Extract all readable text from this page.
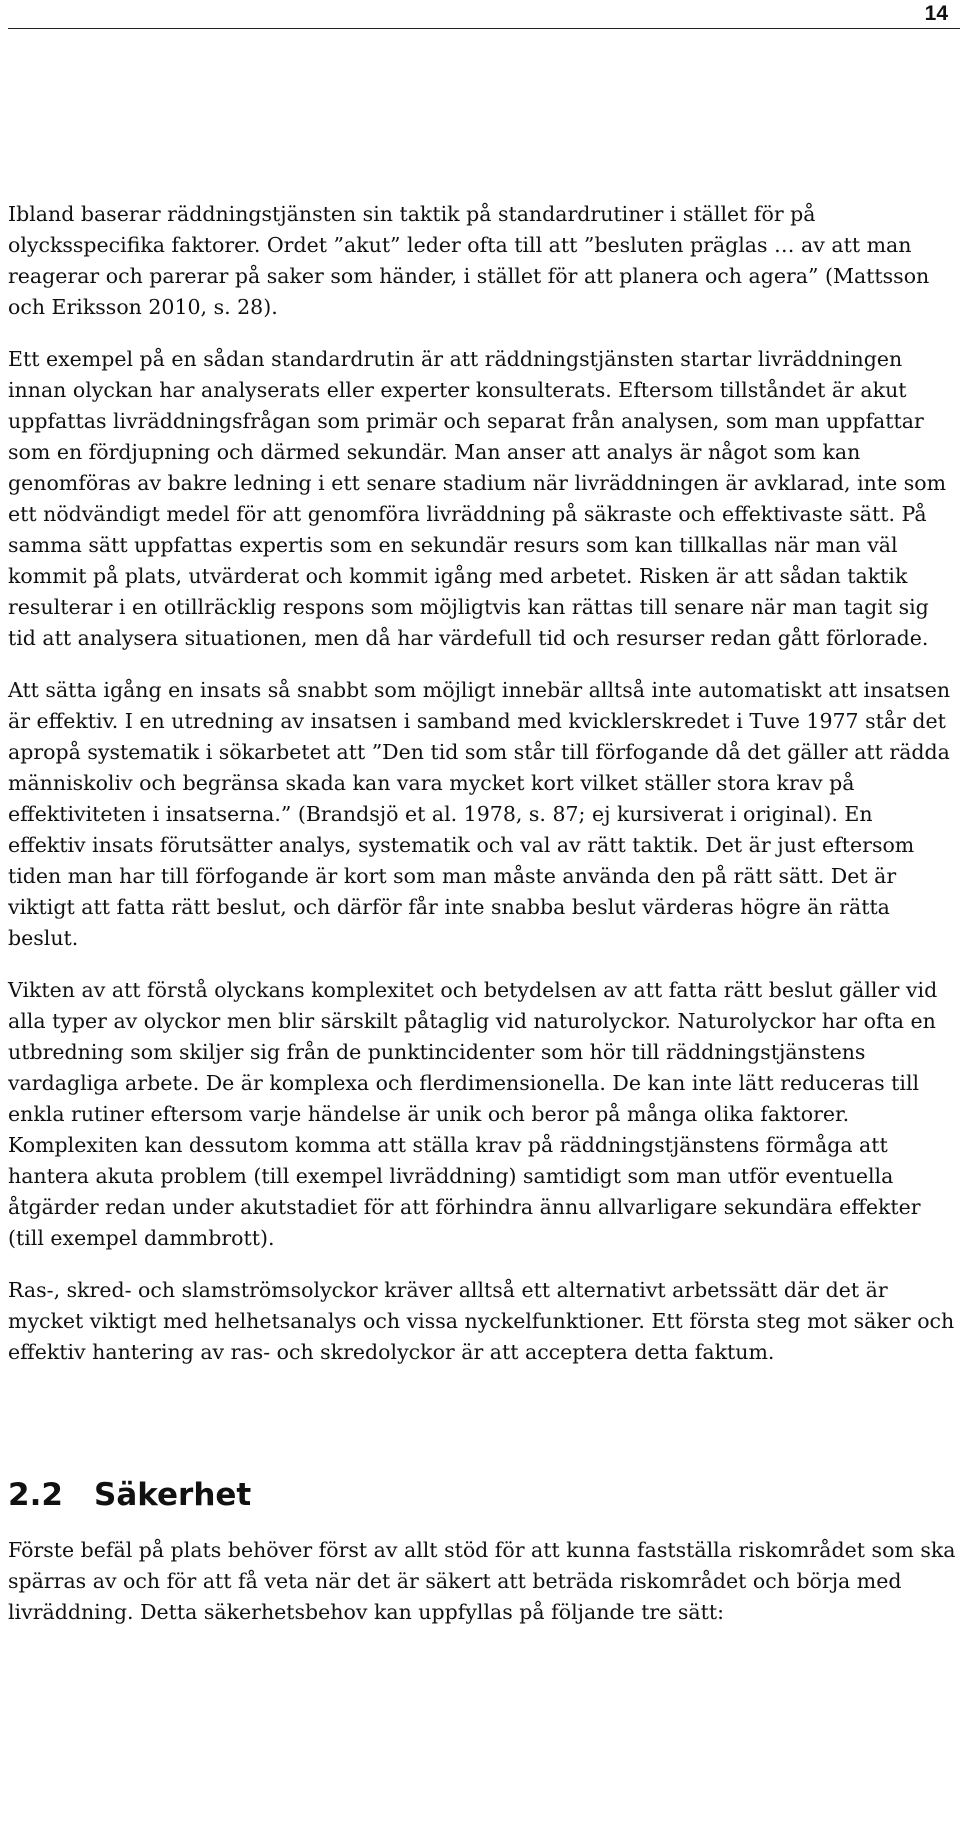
14

Ibland baserar räddningstjänsten sin taktik på standardrutiner i stället för på olycksspecifika faktorer. Ordet ”akut” leder ofta till att ”besluten präglas … av att man reagerar och parerar på saker som händer, i stället för att planera och agera” (Mattsson och Eriksson 2010, s. 28).

Ett exempel på en sådan standardrutin är att räddningstjänsten startar livräddningen innan olyckan har analyserats eller experter konsulterats. Eftersom tillståndet är akut uppfattas livräddningsfrågan som primär och separat från analysen, som man uppfattar som en fördjupning och därmed sekundär. Man anser att analys är något som kan genomföras av bakre ledning i ett senare stadium när livräddningen är avklarad, inte som ett nödvändigt medel för att genomföra livräddning på säkraste och effektivaste sätt. På samma sätt uppfattas expertis som en sekundär resurs som kan tillkallas när man väl kommit på plats, utvärderat och kommit igång med arbetet. Risken är att sådan taktik resulterar i en otillräcklig respons som möjligtvis kan rättas till senare när man tagit sig tid att analysera situationen, men då har värdefull tid och resurser redan gått förlorade.

Att sätta igång en insats så snabbt som möjligt innebär alltså inte automatiskt att insatsen är effektiv. I en utredning av insatsen i samband med kvicklerskredet i Tuve 1977 står det apropå systematik i sökarbetet att ”Den tid som står till förfogande då det gäller att rädda människoliv och begränsa skada kan vara mycket kort vilket ställer stora krav på effektiviteten i insatserna.” (Brandsjö et al. 1978, s. 87; ej kursiverat i original). En effektiv insats förutsätter analys, systematik och val av rätt taktik. Det är just eftersom tiden man har till förfogande är kort som man måste använda den på rätt sätt. Det är viktigt att fatta rätt beslut, och därför får inte snabba beslut värderas högre än rätta beslut.

Vikten av att förstå olyckans komplexitet och betydelsen av att fatta rätt beslut gäller vid alla typer av olyckor men blir särskilt påtaglig vid naturolyckor. Naturolyckor har ofta en utbredning som skiljer sig från de punktincidenter som hör till räddningstjänstens vardagliga arbete. De är komplexa och flerdimensionella. De kan inte lätt reduceras till enkla rutiner eftersom varje händelse är unik och beror på många olika faktorer. Komplexiten kan dessutom komma att ställa krav på räddningstjänstens förmåga att hantera akuta problem (till exempel livräddning) samtidigt som man utför eventuella åtgärder redan under akutstadiet för att förhindra ännu allvarligare sekundära effekter (till exempel dammbrott).

Ras-, skred- och slamströmsolyckor kräver alltså ett alternativt arbetssätt där det är mycket viktigt med helhetsanalys och vissa nyckelfunktioner. Ett första steg mot säker och effektiv hantering av ras- och skredolyckor är att acceptera detta faktum.

2.2 Säkerhet

Förste befäl på plats behöver först av allt stöd för att kunna fastställa riskområdet som ska spärras av och för att få veta när det är säkert att beträda riskområdet och börja med livräddning. Detta säkerhetsbehov kan uppfyllas på följande tre sätt:
